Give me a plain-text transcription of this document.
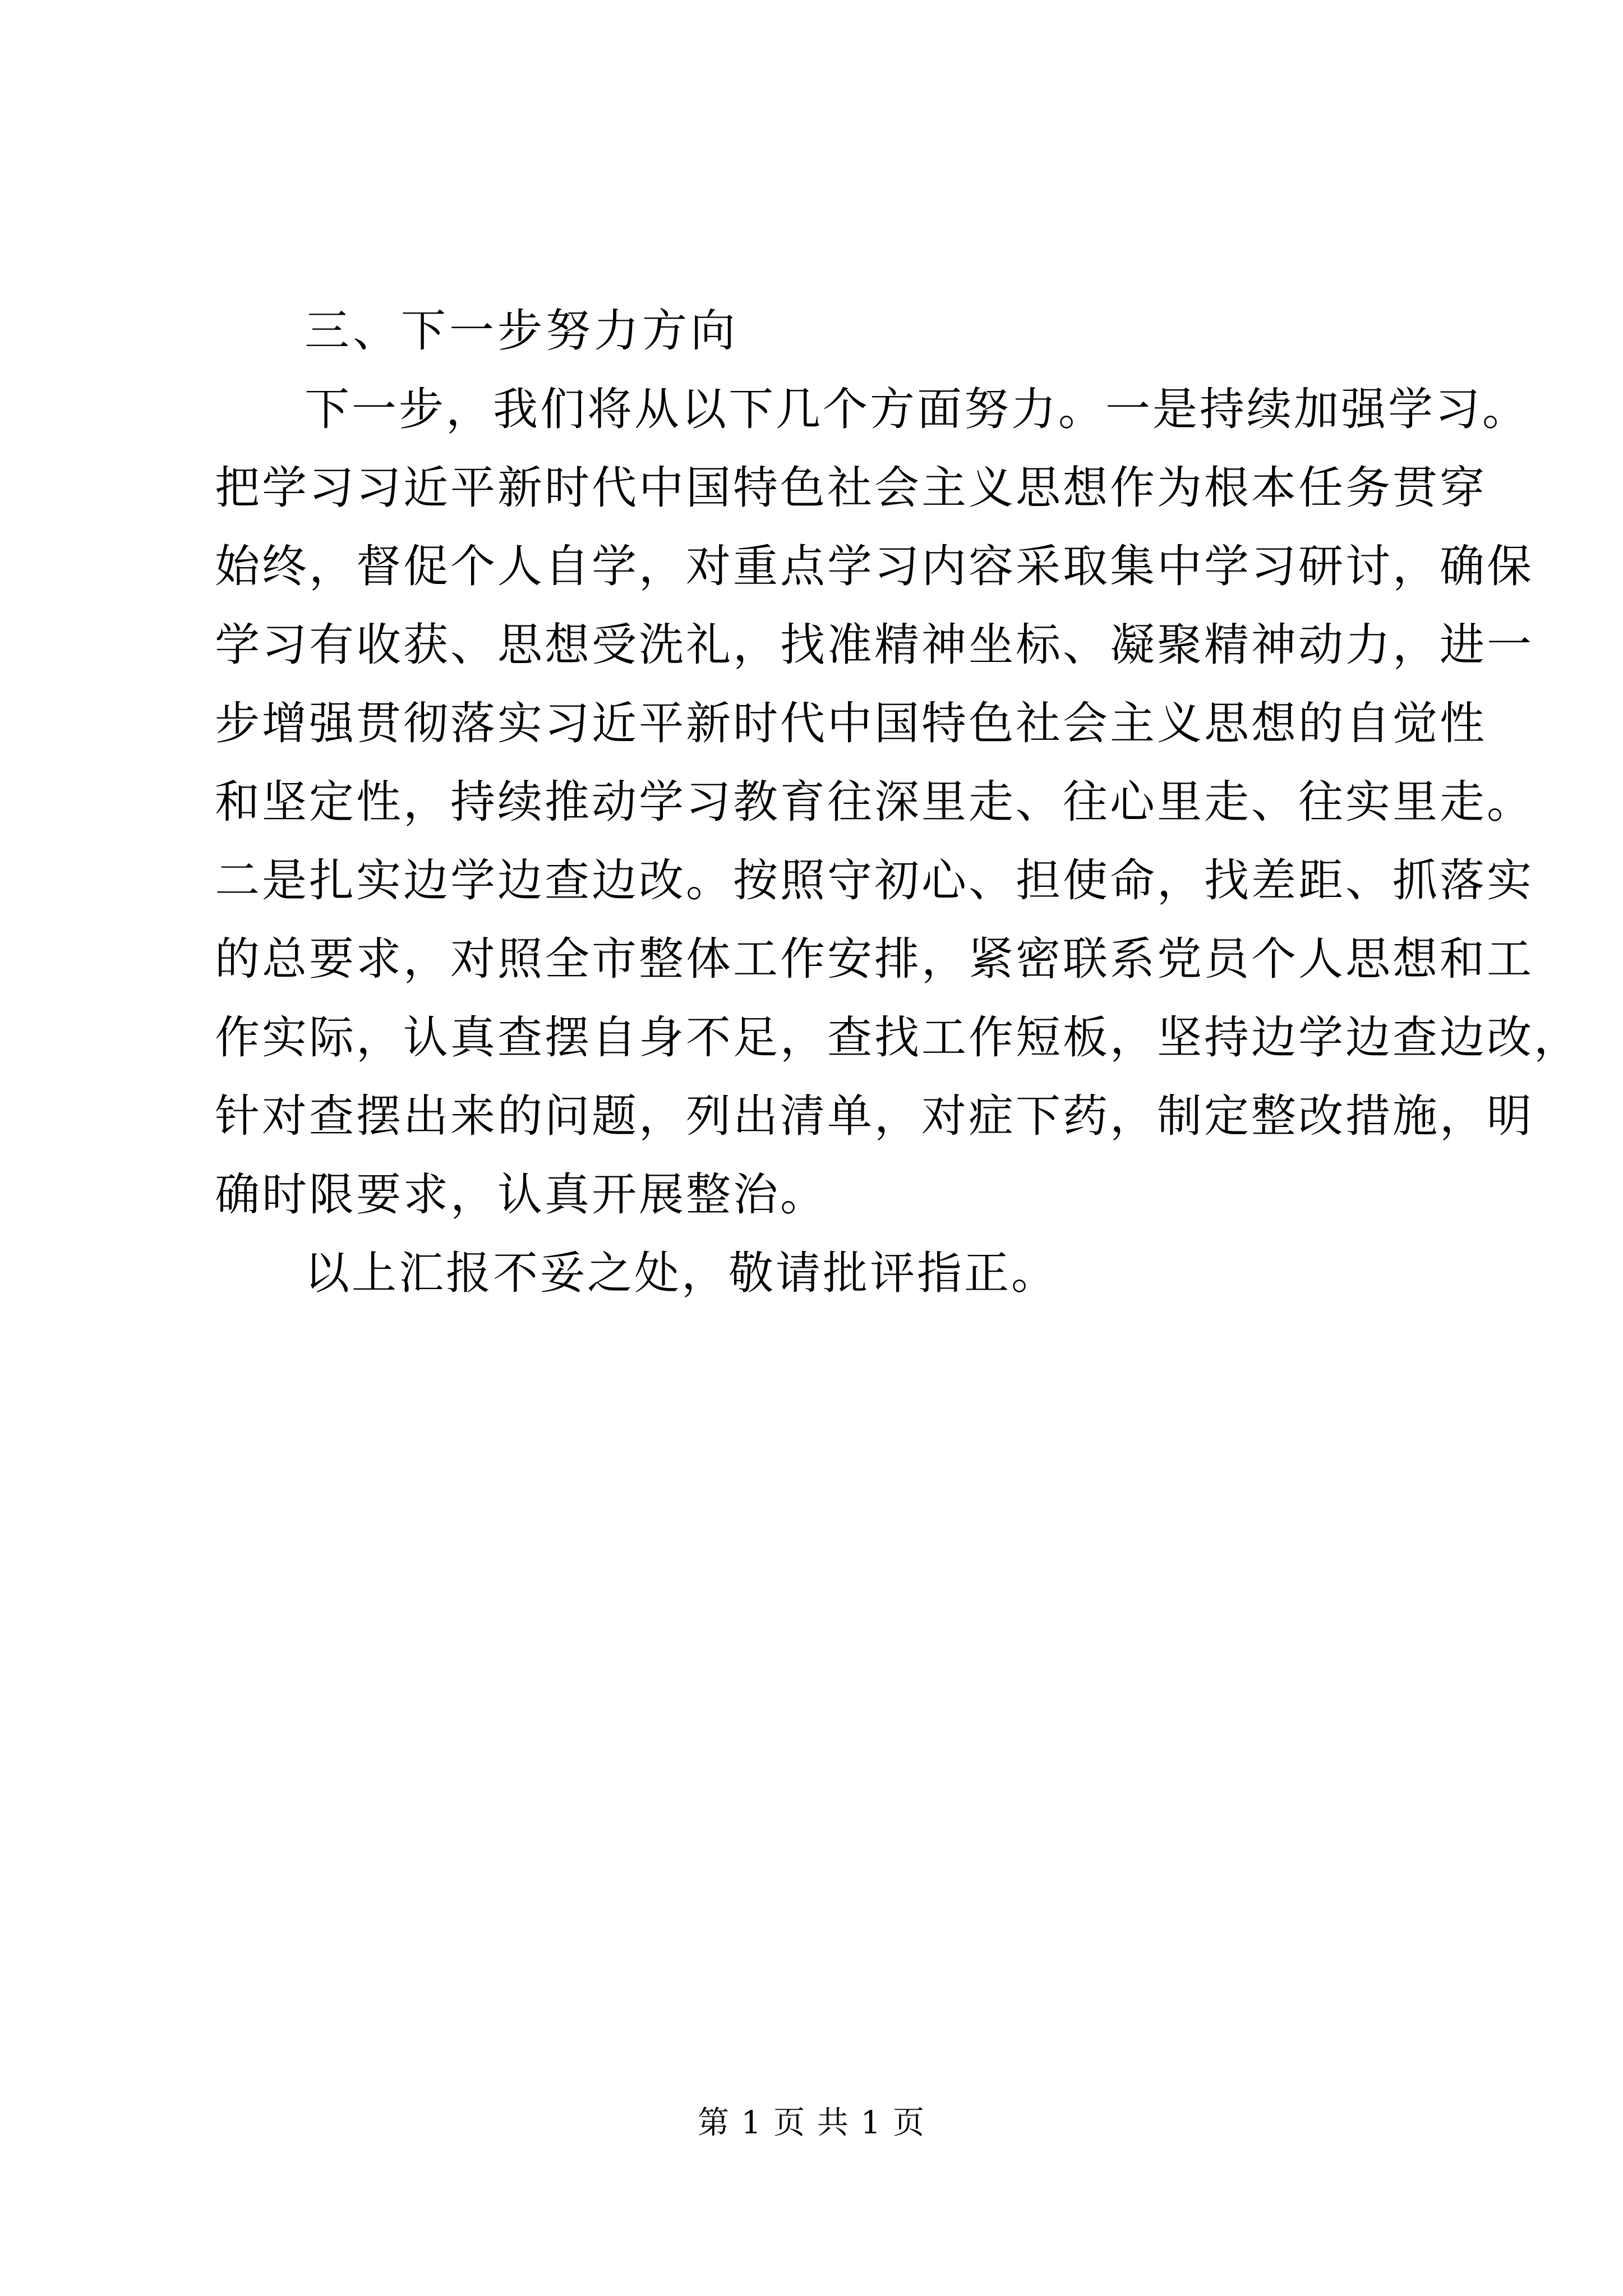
三、下一步努力方向

下一步，我们将从以下几个方面努力。一是持续加强学习。

把学习习近平新时代中国特色社会主义思想作为根本任务贯穿

始终，督促个人自学，对重点学习内容采取集中学习研讨，确保

学习有收获、思想受洗礼，找准精神坐标、凝聚精神动力，进一

步增强贯彻落实习近平新时代中国特色社会主义思想的自觉性

和坚定性，持续推动学习教育往深里走、往心里走、往实里走。

二是扎实边学边查边改。按照守初心、担使命，找差距、抓落实

的总要求，对照全市整体工作安排，紧密联系党员个人思想和工

作实际，认真查摆自身不足，查找工作短板，坚持边学边查边改，

针对查摆出来的问题，列出清单，对症下药，制定整改措施，明

确时限要求，认真开展整治。

以上汇报不妥之处，敬请批评指正。

第 1 页 共 1 页
